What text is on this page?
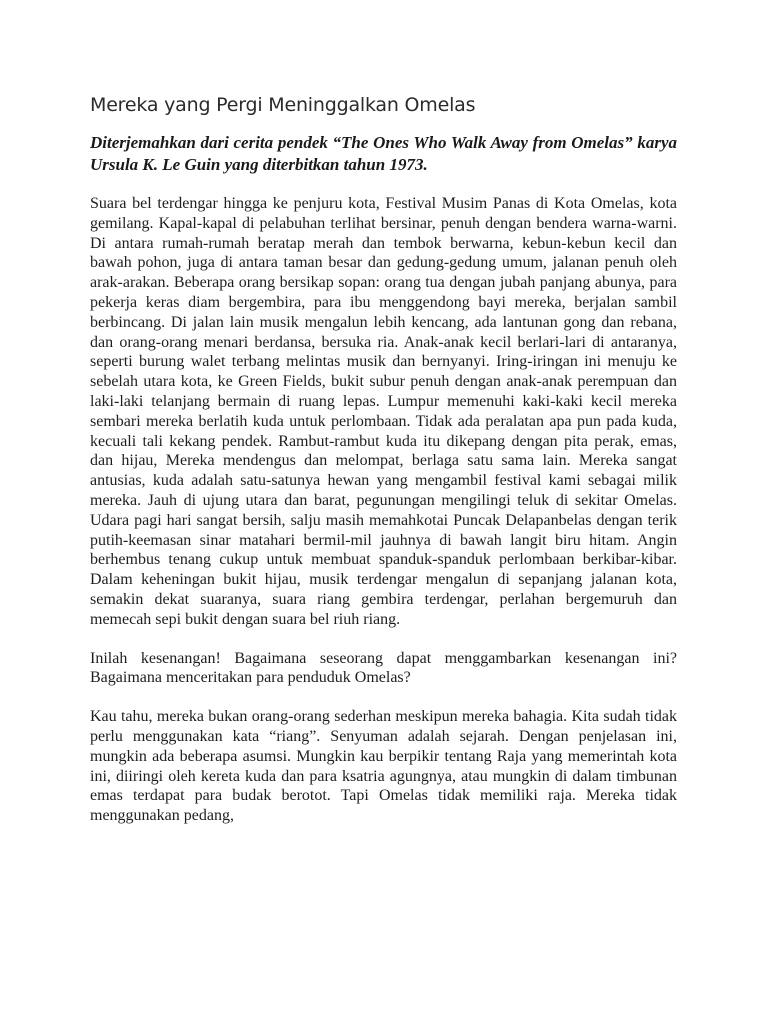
Mereka yang Pergi Meninggalkan Omelas

Diterjemahkan dari cerita pendek “The Ones Who Walk Away from Omelas” karya Ursula K. Le Guin yang diterbitkan tahun 1973.

Suara bel terdengar hingga ke penjuru kota, Festival Musim Panas di Kota Omelas, kota gemilang. Kapal-kapal di pelabuhan terlihat bersinar, penuh dengan bendera warna-warni. Di antara rumah-rumah beratap merah dan tembok berwarna, kebun-kebun kecil dan bawah pohon, juga di antara taman besar dan gedung-gedung umum, jalanan penuh oleh arak-arakan. Beberapa orang bersikap sopan: orang tua dengan jubah panjang abunya, para pekerja keras diam bergembira, para ibu menggendong bayi mereka, berjalan sambil berbincang. Di jalan lain musik mengalun lebih kencang, ada lantunan gong dan rebana, dan orang-orang menari berdansa, bersuka ria. Anak-anak kecil berlari-lari di antaranya, seperti burung walet terbang melintas musik dan bernyanyi. Iring-iringan ini menuju ke sebelah utara kota, ke Green Fields, bukit subur penuh dengan anak-anak perempuan dan laki-laki telanjang bermain di ruang lepas. Lumpur memenuhi kaki-kaki kecil mereka sembari mereka berlatih kuda untuk perlombaan. Tidak ada peralatan apa pun pada kuda, kecuali tali kekang pendek. Rambut-rambut kuda itu dikepang dengan pita perak, emas, dan hijau, Mereka mendengus dan melompat, berlaga satu sama lain. Mereka sangat antusias, kuda adalah satu-satunya hewan yang mengambil festival kami sebagai milik mereka. Jauh di ujung utara dan barat, pegunungan mengilingi teluk di sekitar Omelas. Udara pagi hari sangat bersih, salju masih memahkotai Puncak Delapanbelas dengan terik putih-keemasan sinar matahari bermil-mil jauhnya di bawah langit biru hitam. Angin berhembus tenang cukup untuk membuat spanduk-spanduk perlombaan berkibar-kibar. Dalam keheningan bukit hijau, musik terdengar mengalun di sepanjang jalanan kota, semakin dekat suaranya, suara riang gembira terdengar, perlahan bergemuruh dan memecah sepi bukit dengan suara bel riuh riang.

Inilah kesenangan! Bagaimana seseorang dapat menggambarkan kesenangan ini? Bagaimana menceritakan para penduduk Omelas?

Kau tahu, mereka bukan orang-orang sederhan meskipun mereka bahagia. Kita sudah tidak perlu menggunakan kata “riang”. Senyuman adalah sejarah. Dengan penjelasan ini, mungkin ada beberapa asumsi. Mungkin kau berpikir tentang Raja yang memerintah kota ini, diiringi oleh kereta kuda dan para ksatria agungnya, atau mungkin di dalam timbunan emas terdapat para budak berotot. Tapi Omelas tidak memiliki raja. Mereka tidak menggunakan pedang,
